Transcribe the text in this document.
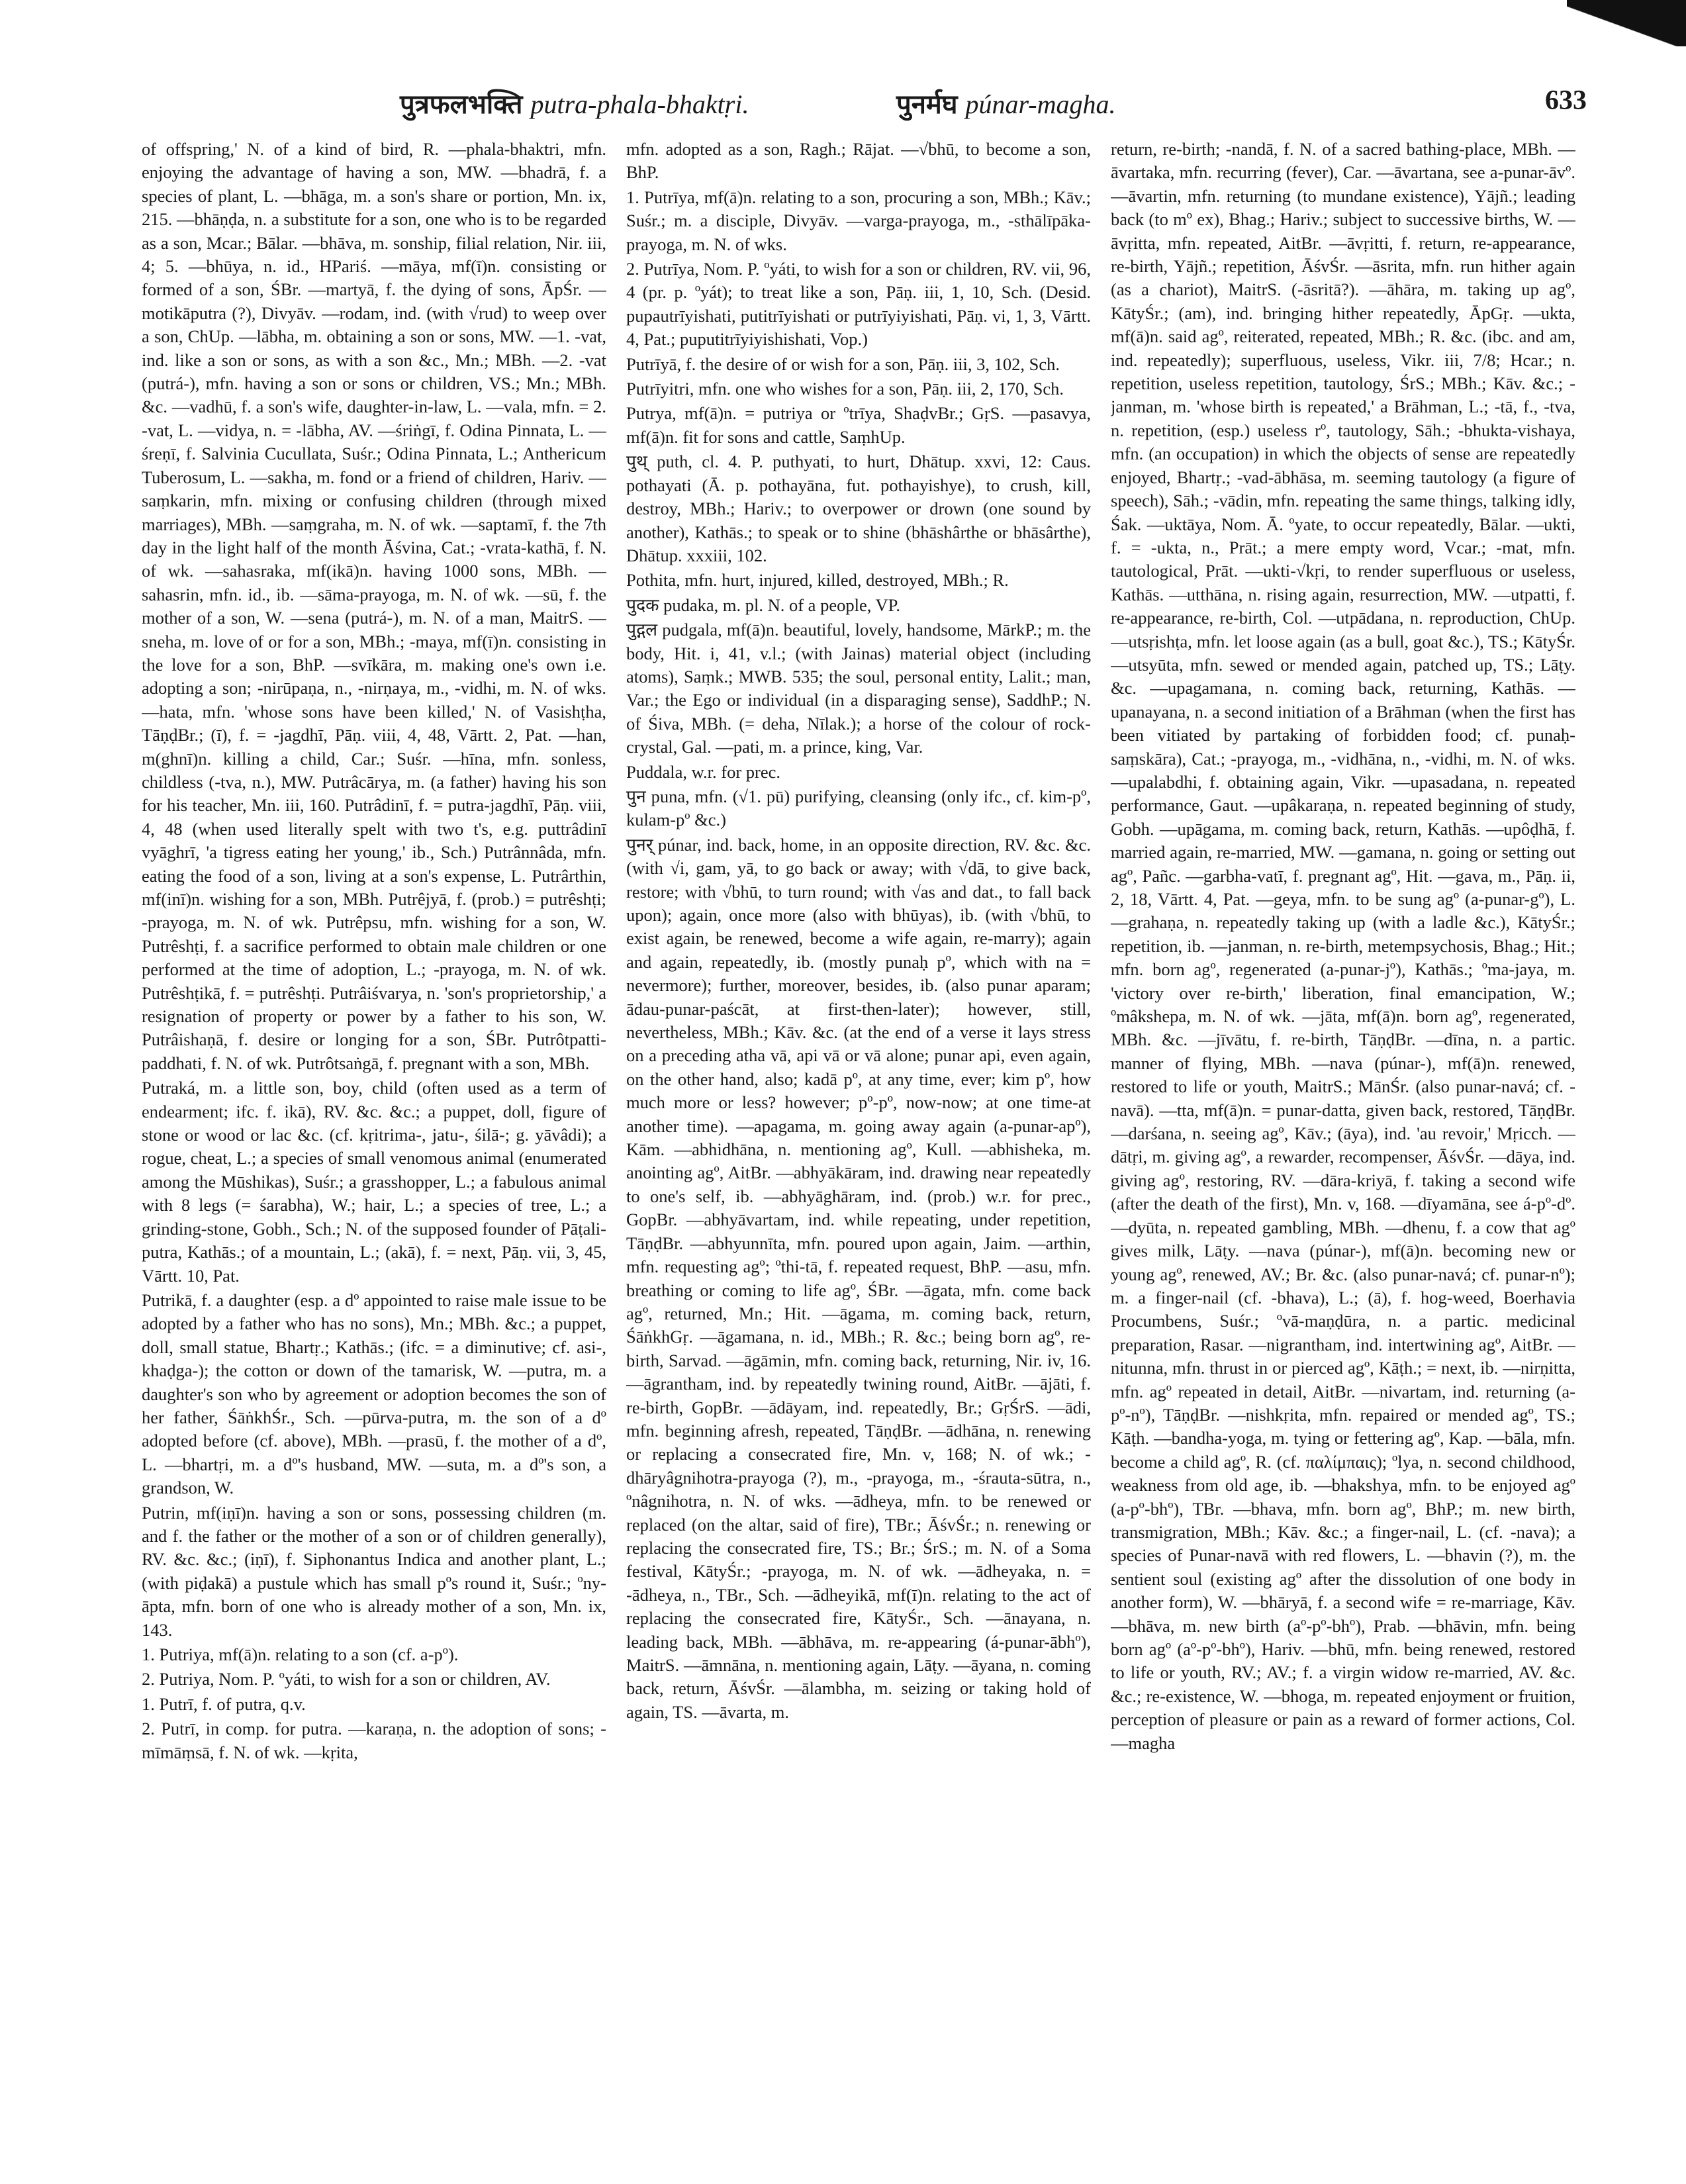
पुत्रफलभक्ति putra-phala-bhaktṛi.	पुनर्मघ púnar-magha.	633

of offspring,' N. of a kind of bird, R. —phala-bhaktri, mfn. enjoying the advantage of having a son, MW. —bhadrā, f. a species of plant, L. —bhāga, m. a son's share or portion, Mn. ix, 215. —bhāṇḍa, n. a substitute for a son, one who is to be regarded as a son, Mcar.; Bālar. —bhāva, m. sonship, filial relation, Nir. iii, 4; 5. —bhūya, n. id., HPariś. —māya, mf(ī)n. consisting or formed of a son, ŚBr. —martyā, f. the dying of sons, ĀpŚr. —motikāputra (?), Divyāv. —rodam, ind. (with √rud) to weep over a son, ChUp. —lābha, m. obtaining a son or sons, MW. —1. -vat, ind. like a son or sons, as with a son &c., Mn.; MBh. —2. -vat (putrá-), mfn. having a son or sons or children, VS.; Mn.; MBh. &c. —vadhū, f. a son's wife, daughter-in-law, L. —vala, mfn. = 2. -vat, L. —vidya, n. = -lābha, AV. —śriṅgī, f. Odina Pinnata, L. —śreṇī, f. Salvinia Cucullata, Suśr.; Odina Pinnata, L.; Anthericum Tuberosum, L. —sakha, m. fond or a friend of children, Hariv. —saṃkarin, mfn. mixing or confusing children (through mixed marriages), MBh. —saṃgraha, m. N. of wk. —saptamī, f. the 7th day in the light half of the month Āśvina, Cat.; -vrata-kathā, f. N. of wk. —sahasraka, mf(ikā)n. having 1000 sons, MBh. —sahasrin, mfn. id., ib. —sāma-prayoga, m. N. of wk. —sū, f. the mother of a son, W. —sena (putrá-), m. N. of a man, MaitrS. —sneha, m. love of or for a son, MBh.; -maya, mf(ī)n. consisting in the love for a son, BhP. —svīkāra, m. making one's own i.e. adopting a son; -nirūpaṇa, n., -nirṇaya, m., -vidhi, m. N. of wks. —hata, mfn. 'whose sons have been killed,' N. of Vasishṭha, TāṇḍBr.; (ī), f. = -jagdhī, Pāṇ. viii, 4, 48, Vārtt. 2, Pat. —han, m(ghnī)n. killing a child, Car.; Suśr. —hīna, mfn. sonless, childless (-tva, n.), MW. Putrâcārya, m. (a father) having his son for his teacher, Mn. iii, 160. Putrâdinī, f. = putra-jagdhī, Pāṇ. viii, 4, 48 (when used literally spelt with two t's, e.g. puttrâdinī vyāghrī, 'a tigress eating her young,' ib., Sch.) Putrânnâda, mfn. eating the food of a son, living at a son's expense, L. Putrârthin, mf(inī)n. wishing for a son, MBh. Putrêjyā, f. (prob.) = putrêshṭi; -prayoga, m. N. of wk. Putrêpsu, mfn. wishing for a son, W. Putrêshṭi, f. a sacrifice performed to obtain male children or one performed at the time of adoption, L.; -prayoga, m. N. of wk. Putrêshṭikā, f. = putrêshṭi. Putrâiśvarya, n. 'son's proprietorship,' a resignation of property or power by a father to his son, W. Putrâishaṇā, f. desire or longing for a son, ŚBr. Putrôtpatti-paddhati, f. N. of wk. Putrôtsaṅgā, f. pregnant with a son, MBh.

Putraká, m. a little son, boy, child (often used as a term of endearment; ifc. f. ikā), RV. &c. &c.; a puppet, doll, figure of stone or wood or lac &c. (cf. kṛitrima-, jatu-, śilā-; g. yāvâdi); a rogue, cheat, L.; a species of small venomous animal (enumerated among the Mūshikas), Suśr.; a grasshopper, L.; a fabulous animal with 8 legs (= śarabha), W.; hair, L.; a species of tree, L.; a grinding-stone, Gobh., Sch.; N. of the supposed founder of Pāṭali-putra, Kathās.; of a mountain, L.; (akā), f. = next, Pāṇ. vii, 3, 45, Vārtt. 10, Pat.

Putrikā, f. a daughter (esp. a dº appointed to raise male issue to be adopted by a father who has no sons), Mn.; MBh. &c.; a puppet, doll, small statue, Bhartṛ.; Kathās.; (ifc. = a diminutive; cf. asi-, khaḍga-); the cotton or down of the tamarisk, W. —putra, m. a daughter's son who by agreement or adoption becomes the son of her father, ŚāṅkhŚr., Sch. —pūrva-putra, m. the son of a dº adopted before (cf. above), MBh. —prasū, f. the mother of a dº, L. —bhartṛi, m. a dº's husband, MW. —suta, m. a dº's son, a grandson, W.

Putrin, mf(iṇī)n. having a son or sons, possessing children (m. and f. the father or the mother of a son or of children generally), RV. &c. &c.; (iṇī), f. Siphonantus Indica and another plant, L.; (with piḍakā) a pustule which has small pºs round it, Suśr.; ºny-āpta, mfn. born of one who is already mother of a son, Mn. ix, 143.

1. Putriya, mf(ā)n. relating to a son (cf. a-pº).

2. Putriya, Nom. P. ºyáti, to wish for a son or children, AV.

1. Putrī, f. of putra, q.v.

2. Putrī, in comp. for putra. —karaṇa, n. the adoption of sons; -mīmāṃsā, f. N. of wk. —kṛita,

mfn. adopted as a son, Ragh.; Rājat. —√bhū, to become a son, BhP.

1. Putrīya, mf(ā)n. relating to a son, procuring a son, MBh.; Kāv.; Suśr.; m. a disciple, Divyāv. —varga-prayoga, m., -sthālīpāka-prayoga, m. N. of wks.

2. Putrīya, Nom. P. ºyáti, to wish for a son or children, RV. vii, 96, 4 (pr. p. ºyát); to treat like a son, Pāṇ. iii, 1, 10, Sch. (Desid. pupautrīyishati, putitrīyishati or putrīyiyishati, Pāṇ. vi, 1, 3, Vārtt. 4, Pat.; puputitrīyiyishishati, Vop.)

Putrīyā, f. the desire of or wish for a son, Pāṇ. iii, 3, 102, Sch.

Putrīyitri, mfn. one who wishes for a son, Pāṇ. iii, 2, 170, Sch.

Putrya, mf(ā)n. = putriya or ºtrīya, ShaḍvBr.; GṛS. —pasavya, mf(ā)n. fit for sons and cattle, SaṃhUp.

पुथ् puth, cl. 4. P. puthyati, to hurt, Dhātup. xxvi, 12: Caus. pothayati (Ā. p. pothayāna, fut. pothayishye), to crush, kill, destroy, MBh.; Hariv.; to overpower or drown (one sound by another), Kathās.; to speak or to shine (bhāshârthe or bhāsârthe), Dhātup. xxxiii, 102.

Pothita, mfn. hurt, injured, killed, destroyed, MBh.; R.

पुदक pudaka, m. pl. N. of a people, VP.

पुद्गल pudgala, mf(ā)n. beautiful, lovely, handsome, MārkP.; m. the body, Hit. i, 41, v.l.; (with Jainas) material object (including atoms), Saṃk.; MWB. 535; the soul, personal entity, Lalit.; man, Var.; the Ego or individual (in a disparaging sense), SaddhP.; N. of Śiva, MBh. (= deha, Nīlak.); a horse of the colour of rock-crystal, Gal. —pati, m. a prince, king, Var.

Puddala, w.r. for prec.

पुन puna, mfn. (√1. pū) purifying, cleansing (only ifc., cf. kim-pº, kulam-pº &c.)

पुनर् púnar, ind. back, home, in an opposite direction, RV. &c. &c. (with √i, gam, yā, to go back or away; with √dā, to give back, restore; with √bhū, to turn round; with √as and dat., to fall back upon); again, once more (also with bhūyas), ib. (with √bhū, to exist again, be renewed, become a wife again, re-marry); again and again, repeatedly, ib. (mostly punaḥ pº, which with na = nevermore); further, moreover, besides, ib. (also punar aparam; ādau-punar-paścāt, at first-then-later); however, still, nevertheless, MBh.; Kāv. &c. (at the end of a verse it lays stress on a preceding atha vā, api vā or vā alone; punar api, even again, on the other hand, also; kadā pº, at any time, ever; kim pº, how much more or less? however; pº-pº, now-now; at one time-at another time). —apagama, m. going away again (a-punar-apº), Kām. —abhidhāna, n. mentioning agº, Kull. —abhisheka, m. anointing agº, AitBr. —abhyākāram, ind. drawing near repeatedly to one's self, ib. —abhyāghāram, ind. (prob.) w.r. for prec., GopBr. —abhyāvartam, ind. while repeating, under repetition, TāṇḍBr. —abhyunnīta, mfn. poured upon again, Jaim. —arthin, mfn. requesting agº; ºthi-tā, f. repeated request, BhP. —asu, mfn. breathing or coming to life agº, ŚBr. —āgata, mfn. come back agº, returned, Mn.; Hit. —āgama, m. coming back, return, ŚāṅkhGṛ. —āgamana, n. id., MBh.; R. &c.; being born agº, re-birth, Sarvad. —āgāmin, mfn. coming back, returning, Nir. iv, 16. —āgrantham, ind. by repeatedly twining round, AitBr. —ājāti, f. re-birth, GopBr. —ādāyam, ind. repeatedly, Br.; GṛŚrS. —ādi, mfn. beginning afresh, repeated, TāṇḍBr. —ādhāna, n. renewing or replacing a consecrated fire, Mn. v, 168; N. of wk.; -dhāryâgnihotra-prayoga (?), m., -prayoga, m., -śrauta-sūtra, n., ºnâgnihotra, n. N. of wks. —ādheya, mfn. to be renewed or replaced (on the altar, said of fire), TBr.; ĀśvŚr.; n. renewing or replacing the consecrated fire, TS.; Br.; ŚrS.; m. N. of a Soma festival, KātyŚr.; -prayoga, m. N. of wk. —ādheyaka, n. = -ādheya, n., TBr., Sch. —ādheyikā, mf(ī)n. relating to the act of replacing the consecrated fire, KātyŚr., Sch. —ānayana, n. leading back, MBh. —ābhāva, m. re-appearing (á-punar-ābhº), MaitrS. —āmnāna, n. mentioning again, Lāṭy. —āyana, n. coming back, return, ĀśvŚr. —ālambha, m. seizing or taking hold of again, TS. —āvarta, m.

return, re-birth; -nandā, f. N. of a sacred bathing-place, MBh. —āvartaka, mfn. recurring (fever), Car. —āvartana, see a-punar-āvº. —āvartin, mfn. returning (to mundane existence), Yājñ.; leading back (to mº ex), Bhag.; Hariv.; subject to successive births, W. —āvṛitta, mfn. repeated, AitBr. —āvṛitti, f. return, re-appearance, re-birth, Yājñ.; repetition, ĀśvŚr. —āsrita, mfn. run hither again (as a chariot), MaitrS. (-āsritā?). —āhāra, m. taking up agº, KātyŚr.; (am), ind. bringing hither repeatedly, ĀpGṛ. —ukta, mf(ā)n. said agº, reiterated, repeated, MBh.; R. &c. (ibc. and am, ind. repeatedly); superfluous, useless, Vikr. iii, 7/8; Hcar.; n. repetition, useless repetition, tautology, ŚrS.; MBh.; Kāv. &c.; -janman, m. 'whose birth is repeated,' a Brāhman, L.; -tā, f., -tva, n. repetition, (esp.) useless rº, tautology, Sāh.; -bhukta-vishaya, mfn. (an occupation) in which the objects of sense are repeatedly enjoyed, Bhartṛ.; -vad-ābhāsa, m. seeming tautology (a figure of speech), Sāh.; -vādin, mfn. repeating the same things, talking idly, Śak. —uktāya, Nom. Ā. ºyate, to occur repeatedly, Bālar. —ukti, f. = -ukta, n., Prāt.; a mere empty word, Vcar.; -mat, mfn. tautological, Prāt. —ukti-√kṛi, to render superfluous or useless, Kathās. —utthāna, n. rising again, resurrection, MW. —utpatti, f. re-appearance, re-birth, Col. —utpādana, n. reproduction, ChUp. —utsṛishṭa, mfn. let loose again (as a bull, goat &c.), TS.; KātyŚr. —utsyūta, mfn. sewed or mended again, patched up, TS.; Lāṭy. &c. —upagamana, n. coming back, returning, Kathās. —upanayana, n. a second initiation of a Brāhman (when the first has been vitiated by partaking of forbidden food; cf. punaḥ-saṃskāra), Cat.; -prayoga, m., -vidhāna, n., -vidhi, m. N. of wks. —upalabdhi, f. obtaining again, Vikr. —upasadana, n. repeated performance, Gaut. —upâkaraṇa, n. repeated beginning of study, Gobh. —upāgama, m. coming back, return, Kathās. —upôḍhā, f. married again, re-married, MW. —gamana, n. going or setting out agº, Pañc. —garbha-vatī, f. pregnant agº, Hit. —gava, m., Pāṇ. ii, 2, 18, Vārtt. 4, Pat. —geya, mfn. to be sung agº (a-punar-gº), L. —grahaṇa, n. repeatedly taking up (with a ladle &c.), KātyŚr.; repetition, ib. —janman, n. re-birth, metempsychosis, Bhag.; Hit.; mfn. born agº, regenerated (a-punar-jº), Kathās.; ºma-jaya, m. 'victory over re-birth,' liberation, final emancipation, W.; ºmâkshepa, m. N. of wk. —jāta, mf(ā)n. born agº, regenerated, MBh. &c. —jīvātu, f. re-birth, TāṇḍBr. —dīna, n. a partic. manner of flying, MBh. —nava (púnar-), mf(ā)n. renewed, restored to life or youth, MaitrS.; MānŚr. (also punar-navá; cf. -navā). —tta, mf(ā)n. = punar-datta, given back, restored, TāṇḍBr. —darśana, n. seeing agº, Kāv.; (āya), ind. 'au revoir,' Mṛicch. —dātṛi, m. giving agº, a rewarder, recompenser, ĀśvŚr. —dāya, ind. giving agº, restoring, RV. —dāra-kriyā, f. taking a second wife (after the death of the first), Mn. v, 168. —dīyamāna, see á-pº-dº. —dyūta, n. repeated gambling, MBh. —dhenu, f. a cow that agº gives milk, Lāṭy. —nava (púnar-), mf(ā)n. becoming new or young agº, renewed, AV.; Br. &c. (also punar-navá; cf. punar-nº); m. a finger-nail (cf. -bhava), L.; (ā), f. hog-weed, Boerhavia Procumbens, Suśr.; ºvā-maṇḍūra, n. a partic. medicinal preparation, Rasar. —nigrantham, ind. intertwining agº, AitBr. —nitunna, mfn. thrust in or pierced agº, Kāṭh.; = next, ib. —nirṇitta, mfn. agº repeated in detail, AitBr. —nivartam, ind. returning (a-pº-nº), TāṇḍBr. —nishkṛita, mfn. repaired or mended agº, TS.; Kāṭh. —bandha-yoga, m. tying or fettering agº, Kap. —bāla, mfn. become a child agº, R. (cf. παλίμπαις); ºlya, n. second childhood, weakness from old age, ib. —bhakshya, mfn. to be enjoyed agº (a-pº-bhº), TBr. —bhava, mfn. born agº, BhP.; m. new birth, transmigration, MBh.; Kāv. &c.; a finger-nail, L. (cf. -nava); a species of Punar-navā with red flowers, L. —bhavin (?), m. the sentient soul (existing agº after the dissolution of one body in another form), W. —bhāryā, f. a second wife = re-marriage, Kāv. —bhāva, m. new birth (aº-pº-bhº), Prab. —bhāvin, mfn. being born agº (aº-pº-bhº), Hariv. —bhū, mfn. being renewed, restored to life or youth, RV.; AV.; f. a virgin widow re-married, AV. &c. &c.; re-existence, W. —bhoga, m. repeated enjoyment or fruition, perception of pleasure or pain as a reward of former actions, Col. —magha
